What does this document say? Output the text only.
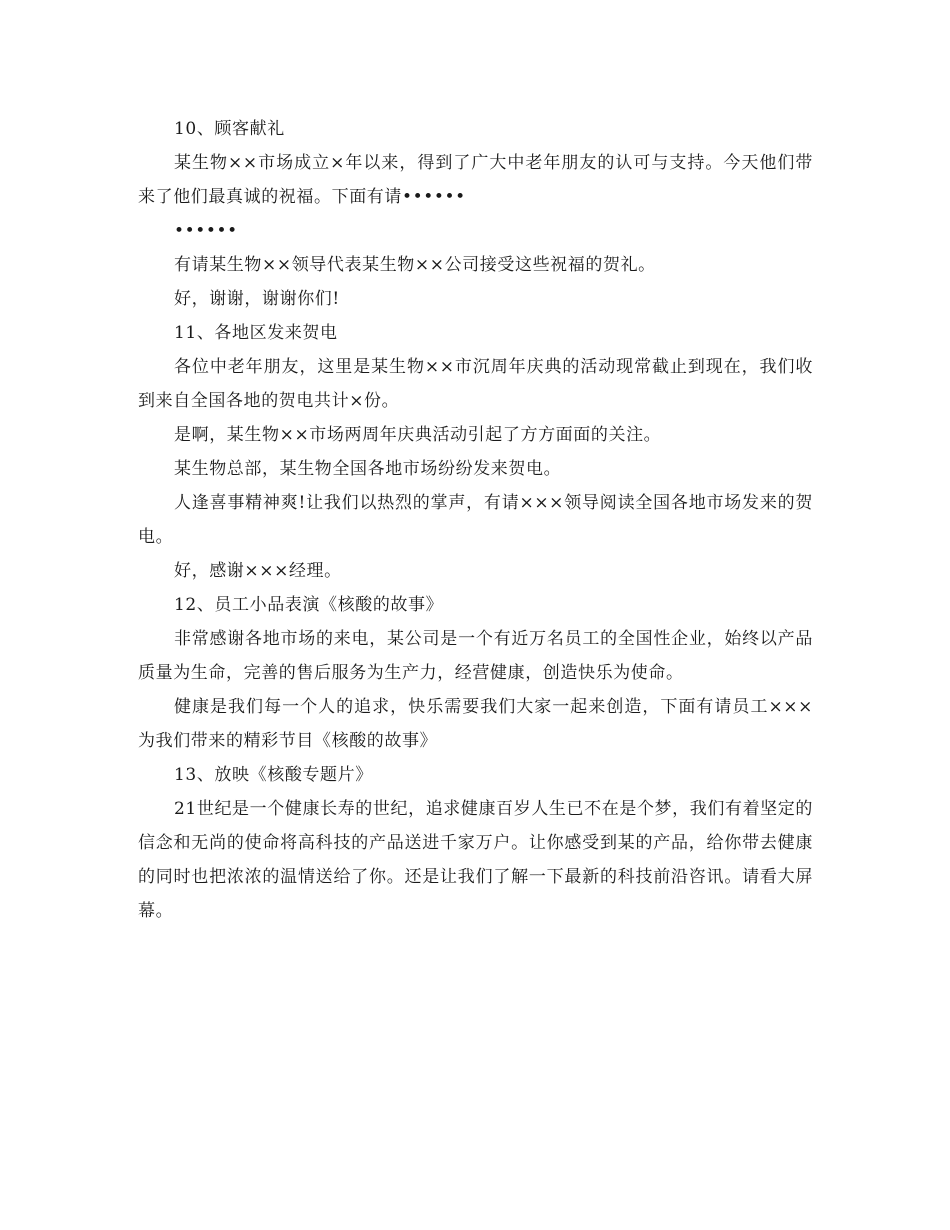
10、顾客献礼

某生物××市场成立×年以来，得到了广大中老年朋友的认可与支持。今天他们带来了他们最真诚的祝福。下面有请••••••

••••••

有请某生物××领导代表某生物××公司接受这些祝福的贺礼。

好，谢谢，谢谢你们!

11、各地区发来贺电

各位中老年朋友，这里是某生物××市沉周年庆典的活动现常截止到现在，我们收到来自全国各地的贺电共计×份。

是啊，某生物××市场两周年庆典活动引起了方方面面的关注。

某生物总部，某生物全国各地市场纷纷发来贺电。

人逢喜事精神爽!让我们以热烈的掌声，有请×××领导阅读全国各地市场发来的贺电。

好，感谢×××经理。

12、员工小品表演《核酸的故事》

非常感谢各地市场的来电，某公司是一个有近万名员工的全国性企业，始终以产品质量为生命，完善的售后服务为生产力，经营健康，创造快乐为使命。

健康是我们每一个人的追求，快乐需要我们大家一起来创造，下面有请员工××× 为我们带来的精彩节目《核酸的故事》

13、放映《核酸专题片》

21世纪是一个健康长寿的世纪，追求健康百岁人生已不在是个梦，我们有着坚定的信念和无尚的使命将高科技的产品送进千家万户。让你感受到某的产品，给你带去健康的同时也把浓浓的温情送给了你。还是让我们了解一下最新的科技前沿咨讯。请看大屏幕。
